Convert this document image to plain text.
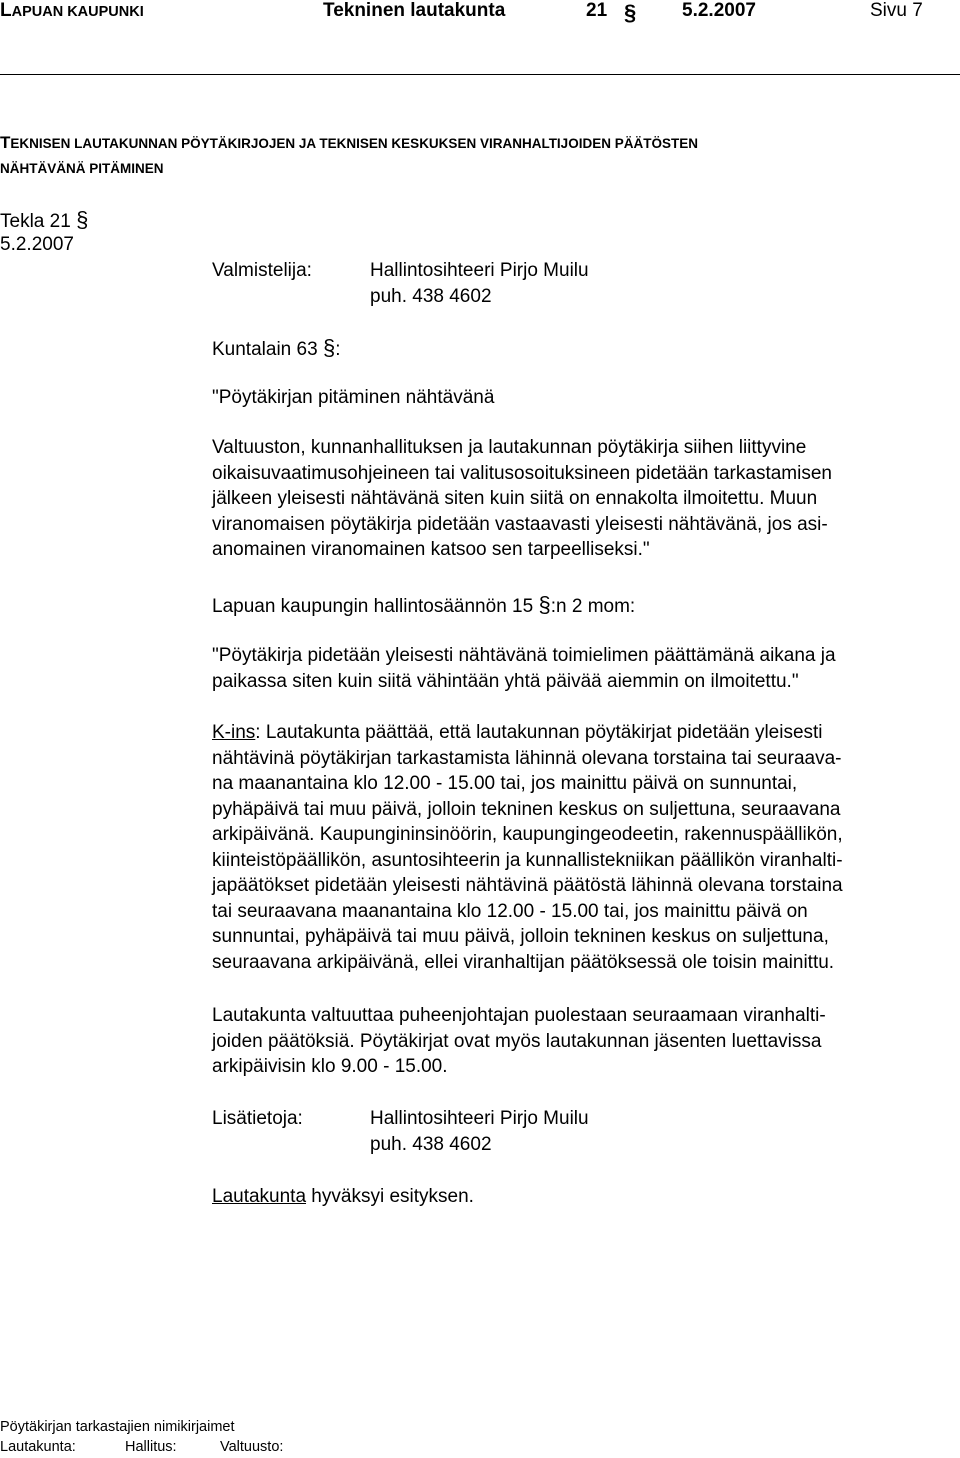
LAPUAN KAUPUNKI	Tekninen lautakunta	21 § 5.2.2007	Sivu 7
TEKNISEN LAUTAKUNNAN PÖYTÄKIRJOJEN JA TEKNISEN KESKUKSEN VIRANHALTIJOIDEN PÄÄTÖSTEN
NÄHTÄVÄNÄ PITÄMINEN
Tekla 21 §
5.2.2007
Valmistelija:	Hallintosihteeri Pirjo Muilu
puh. 438 4602
Kuntalain 63 §:
"Pöytäkirjan pitäminen nähtävänä
Valtuuston, kunnanhallituksen ja lautakunnan pöytäkirja siihen liittyvine
oikaisuvaatimusohjeineen tai valitusosoituksineen pidetään tarkastamisen
jälkeen yleisesti nähtävänä siten kuin siitä on ennakolta ilmoitettu. Muun
viranomaisen pöytäkirja pidetään vastaavasti yleisesti nähtävänä, jos asi-
anomainen viranomainen katsoo sen tarpeelliseksi."
Lapuan kaupungin hallintosäännön 15 §:n 2 mom:
"Pöytäkirja pidetään yleisesti nähtävänä toimielimen päättämänä aikana ja
paikassa siten kuin siitä vähintään yhtä päivää aiemmin on ilmoitettu."
K-ins: Lautakunta päättää, että lautakunnan pöytäkirjat pidetään yleisesti
nähtävinä pöytäkirjan tarkastamista lähinnä olevana torstaina tai seuraava-
na maanantaina klo 12.00 - 15.00 tai, jos mainittu päivä on sunnuntai,
pyhäpäivä tai muu päivä, jolloin tekninen keskus on suljettuna, seuraavana
arkipäivänä. Kaupungininsinöörin, kaupungingeodeetin, rakennuspäällikön,
kiinteistöpäällikön, asuntosihteerin ja kunnallistekniikan päällikön viranhalti-
japäätökset pidetään yleisesti nähtävinä päätöstä lähinnä olevana torstaina
tai seuraavana maanantaina klo 12.00 - 15.00 tai, jos mainittu päivä on
sunnuntai, pyhäpäivä tai muu päivä, jolloin tekninen keskus on suljettuna,
seuraavana arkipäivänä, ellei viranhaltijan päätöksessä ole toisin mainittu.
Lautakunta valtuuttaa puheenjohtajan puolestaan seuraamaan viranhalti-
joiden päätöksiä. Pöytäkirjat ovat myös lautakunnan jäsenten luettavissa
arkipäivisin klo 9.00 - 15.00.
Lisätietoja:	Hallintosihteeri Pirjo Muilu
puh. 438 4602
Lautakunta hyväksyi esityksen.
Pöytäkirjan tarkastajien nimikirjaimet
Lautakunta:	Hallitus:	Valtuusto:
